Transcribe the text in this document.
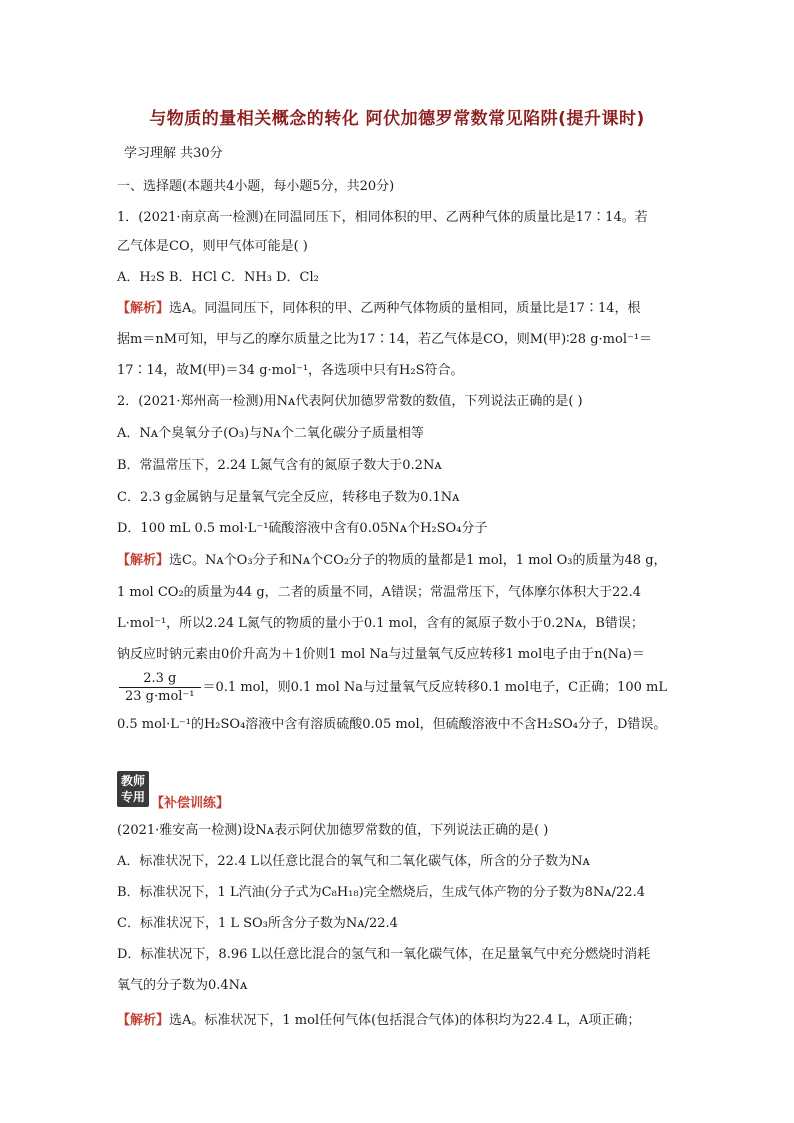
与物质的量相关概念的转化 阿伏加德罗常数常见陷阱(提升课时)
学习理解 共30分
一、选择题(本题共4小题，每小题5分，共20分)
1．(2021·南京高一检测)在同温同压下，相同体积的甲、乙两种气体的质量比是17∶14。若
乙气体是CO，则甲气体可能是( )
A．H₂S B．HCl C．NH₃ D．Cl₂
【解析】选A。同温同压下，同体积的甲、乙两种气体物质的量相同，质量比是17∶14，根
据m＝nM可知，甲与乙的摩尔质量之比为17∶14，若乙气体是CO，则M(甲)∶28 g·mol⁻¹＝
17∶14，故M(甲)＝34 g·mol⁻¹，各选项中只有H₂S符合。
2．(2021·郑州高一检测)用Nᴀ代表阿伏加德罗常数的数值，下列说法正确的是( )
A．Nᴀ个臭氧分子(O₃)与Nᴀ个二氧化碳分子质量相等
B．常温常压下，2.24 L氮气含有的氮原子数大于0.2Nᴀ
C．2.3 g金属钠与足量氧气完全反应，转移电子数为0.1Nᴀ
D．100 mL 0.5 mol·L⁻¹硫酸溶液中含有0.05Nᴀ个H₂SO₄分子
【解析】选C。Nᴀ个O₃分子和Nᴀ个CO₂分子的物质的量都是1 mol，1 mol O₃的质量为48 g，
1 mol CO₂的质量为44 g，二者的质量不同，A错误；常温常压下，气体摩尔体积大于22.4
L·mol⁻¹，所以2.24 L氮气的物质的量小于0.1 mol，含有的氮原子数小于0.2Nᴀ，B错误；
钠反应时钠元素由0价升高为＋1价则1 mol Na与过量氧气反应转移1 mol电子由于n(Na)＝
$\frac{2.3 g}{\text{23 g·mol⁻¹}} =0.1$ mol，则0.1 mol Na与过量氧气反应转移0.1 mol电子，C正确；100 mL
0.5 mol·L⁻¹的H₂SO₄溶液中含有溶质硫酸0.05 mol，但硫酸溶液中不含H₂SO₄分子，D错误。
教师
专用 【补偿训练】
(2021·雅安高一检测)设Nᴀ表示阿伏加德罗常数的值，下列说法正确的是( )
A．标准状况下，22.4 L以任意比混合的氧气和二氧化碳气体，所含的分子数为Nᴀ
B．标准状况下，1 L汽油(分子式为C₈H₁₈)完全燃烧后，生成气体产物的分子数为8Nᴀ/22.4
C．标准状况下，1 L SO₃所含分子数为Nᴀ/22.4
D．标准状况下，8.96 L以任意比混合的氢气和一氧化碳气体，在足量氧气中充分燃烧时消耗
氧气的分子数为0.4Nᴀ
【解析】选A。标准状况下，1 mol任何气体(包括混合气体)的体积均为22.4 L，A项正确；
